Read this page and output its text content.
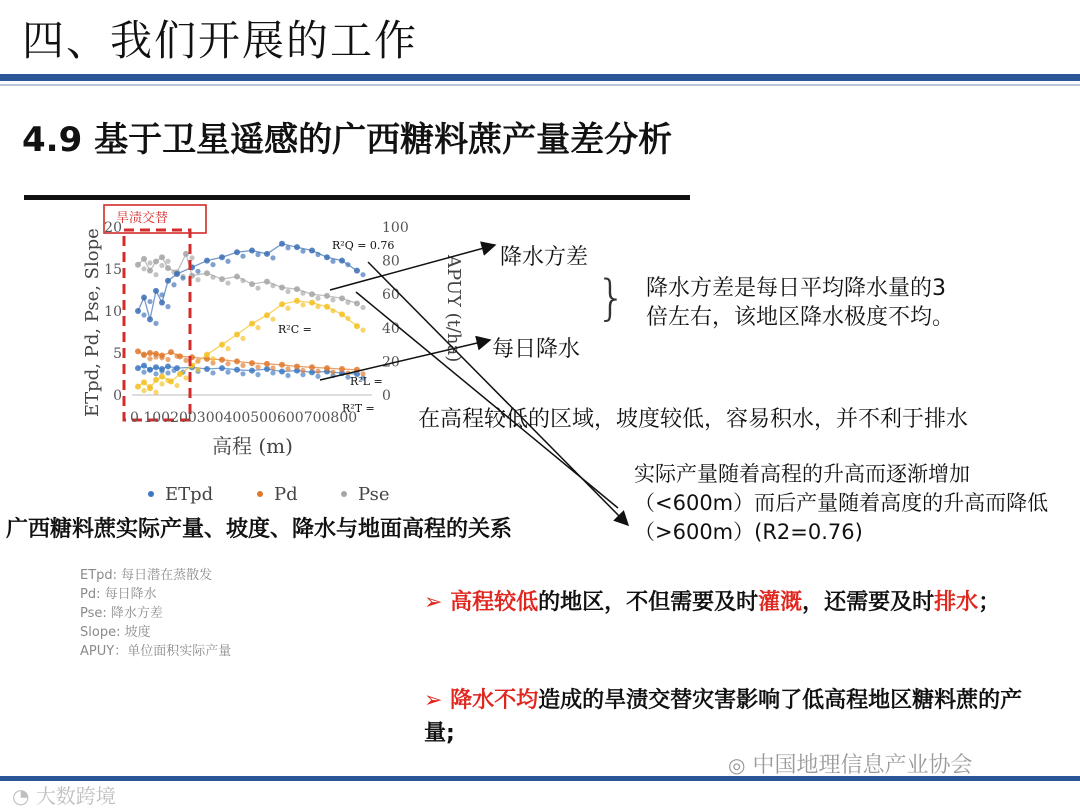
四、我们开展的工作
4.9 基于卫星遥感的广西糖料蔗产量差分析
0
5
10
15
20
0
20
40
60
80
100
旱渍交替
R²Q = 0.76
R²C =
R²L =
R²T =
0 100200300400500600700800
高程 (m)
ETpd, Pd, Pse, Slope	APUY (t/ha)
ETpd	Pd	Pse
广西糖料蔗实际产量、坡度、降水与地面高程的关系
ETpd: 每日潜在蒸散发
Pd: 每日降水
Pse: 降水方差
Slope: 坡度
APUY：单位面积实际产量
降水方差
每日降水
} 降水方差是每日平均降水量的3倍左右，该地区降水极度不均。
在高程较低的区域，坡度较低，容易积水，并不利于排水
实际产量随着高程的升高而逐渐增加（<600m）而后产量随着高度的升高而降低（>600m）(R2=0.76)
➢ 高程较低的地区，不但需要及时灌溉，还需要及时排水；
➢ 降水不均造成的旱渍交替灾害影响了低高程地区糖料蔗的产量;
◎ 中国地理信息产业协会
◔ 大数跨境
